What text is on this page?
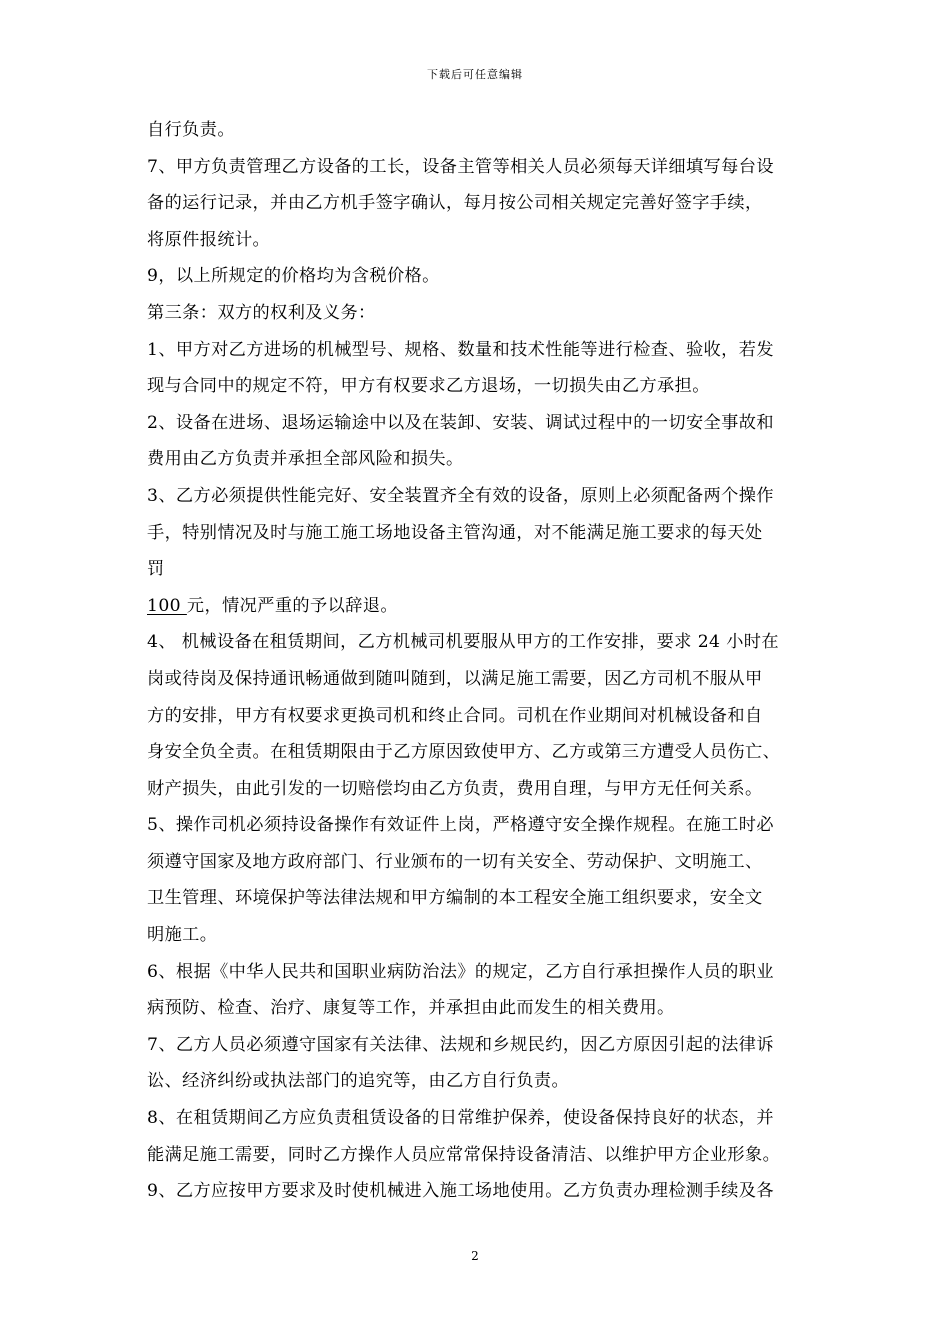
下载后可任意编辑
自行负责。
7、甲方负责管理乙方设备的工长，设备主管等相关人员必须每天详细填写每台设
备的运行记录，并由乙方机手签字确认，每月按公司相关规定完善好签字手续，
将原件报统计。
9，以上所规定的价格均为含税价格。
第三条：双方的权利及义务：
1、甲方对乙方进场的机械型号、规格、数量和技术性能等进行检查、验收，若发
现与合同中的规定不符，甲方有权要求乙方退场，一切损失由乙方承担。
2、设备在进场、退场运输途中以及在装卸、安装、调试过程中的一切安全事故和
费用由乙方负责并承担全部风险和损失。
3、乙方必须提供性能完好、安全装置齐全有效的设备，原则上必须配备两个操作
手，特别情况及时与施工施工场地设备主管沟通，对不能满足施工要求的每天处
罚
100 元，情况严重的予以辞退。
4、 机械设备在租赁期间，乙方机械司机要服从甲方的工作安排，要求 24 小时在
岗或待岗及保持通讯畅通做到随叫随到，以满足施工需要，因乙方司机不服从甲
方的安排，甲方有权要求更换司机和终止合同。司机在作业期间对机械设备和自
身安全负全责。在租赁期限由于乙方原因致使甲方、乙方或第三方遭受人员伤亡、
财产损失，由此引发的一切赔偿均由乙方负责，费用自理，与甲方无任何关系。
5、操作司机必须持设备操作有效证件上岗，严格遵守安全操作规程。在施工时必
须遵守国家及地方政府部门、行业颁布的一切有关安全、劳动保护、文明施工、
卫生管理、环境保护等法律法规和甲方编制的本工程安全施工组织要求，安全文
明施工。
6、根据《中华人民共和国职业病防治法》的规定，乙方自行承担操作人员的职业
病预防、检查、治疗、康复等工作，并承担由此而发生的相关费用。
7、乙方人员必须遵守国家有关法律、法规和乡规民约，因乙方原因引起的法律诉
讼、经济纠纷或执法部门的追究等，由乙方自行负责。
8、在租赁期间乙方应负责租赁设备的日常维护保养，使设备保持良好的状态，并
能满足施工需要，同时乙方操作人员应常常保持设备清洁、以维护甲方企业形象。
9、乙方应按甲方要求及时使机械进入施工场地使用。乙方负责办理检测手续及各
2
